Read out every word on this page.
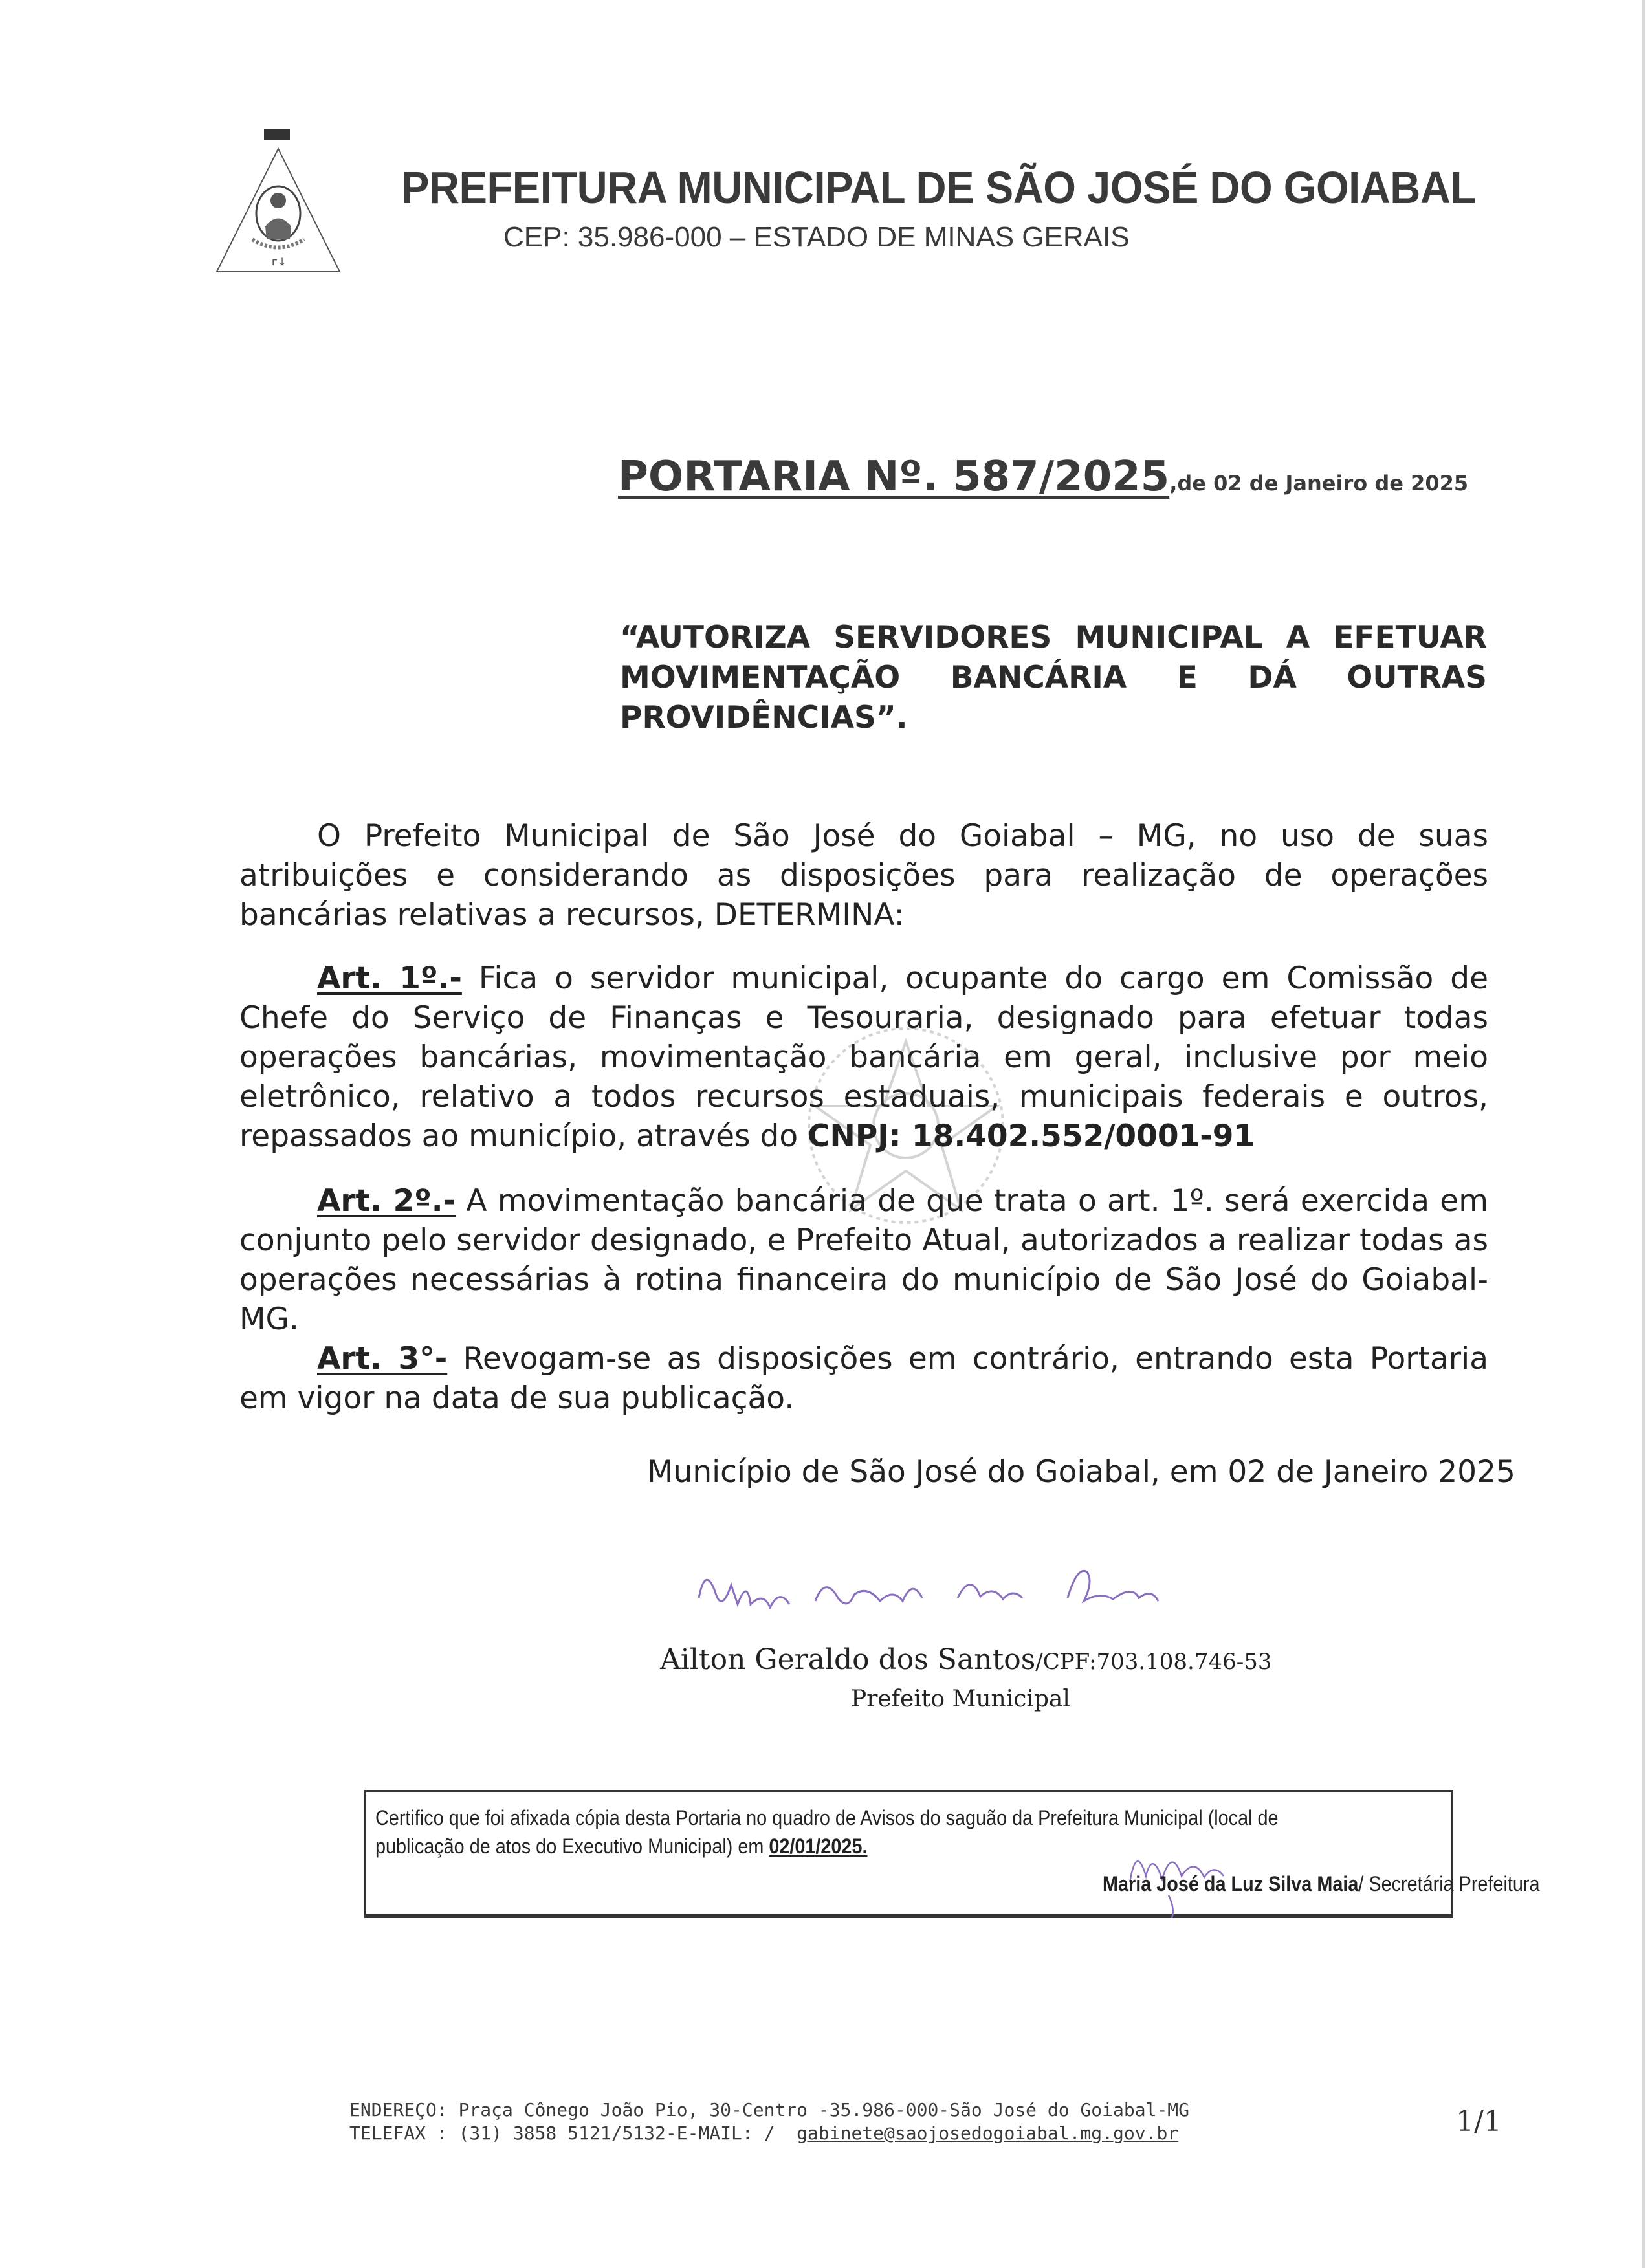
ᴦ↓
PREFEITURA MUNICIPAL DE SÃO JOSÉ DO GOIABAL
CEP: 35.986-000 – ESTADO DE MINAS GERAIS
PORTARIA Nº. 587/2025,de 02 de Janeiro de 2025
“AUTORIZA SERVIDORES MUNICIPAL A EFETUAR MOVIMENTAÇÃO BANCÁRIA E DÁ OUTRAS PROVIDÊNCIAS”.
O Prefeito Municipal de São José do Goiabal – MG, no uso de suas atribuições e considerando as disposições para realização de operações bancárias relativas a recursos, DETERMINA:
Art. 1º.- Fica o servidor municipal, ocupante do cargo em Comissão de Chefe do Serviço de Finanças e Tesouraria, designado para efetuar todas operações bancárias, movimentação bancária em geral, inclusive por meio eletrônico, relativo a todos recursos estaduais, municipais federais e outros, repassados ao município, através do CNPJ: 18.402.552/0001-91
Art. 2º.- A movimentação bancária de que trata o art. 1º. será exercida em conjunto pelo servidor designado, e Prefeito Atual, autorizados a realizar todas as operações necessárias à rotina financeira do município de São José do Goiabal-MG.
Art. 3°- Revogam-se as disposições em contrário, entrando esta Portaria em vigor na data de sua publicação.
Município de São José do Goiabal, em 02 de Janeiro 2025
Ailton Geraldo dos Santos/CPF:703.108.746-53
Prefeito Municipal
Certifico que foi afixada cópia desta Portaria no quadro de Avisos do saguão da Prefeitura Municipal (local de publicação de atos do Executivo Municipal) em 02/01/2025.
Maria José da Luz Silva Maia/ Secretária Prefeitura
ENDEREÇO: Praça Cônego João Pio, 30-Centro -35.986-000-São José do Goiabal-MG
TELEFAX : (31) 3858 5121/5132-E-MAIL: /  gabinete@saojosedogoiabal.mg.gov.br	1/1
